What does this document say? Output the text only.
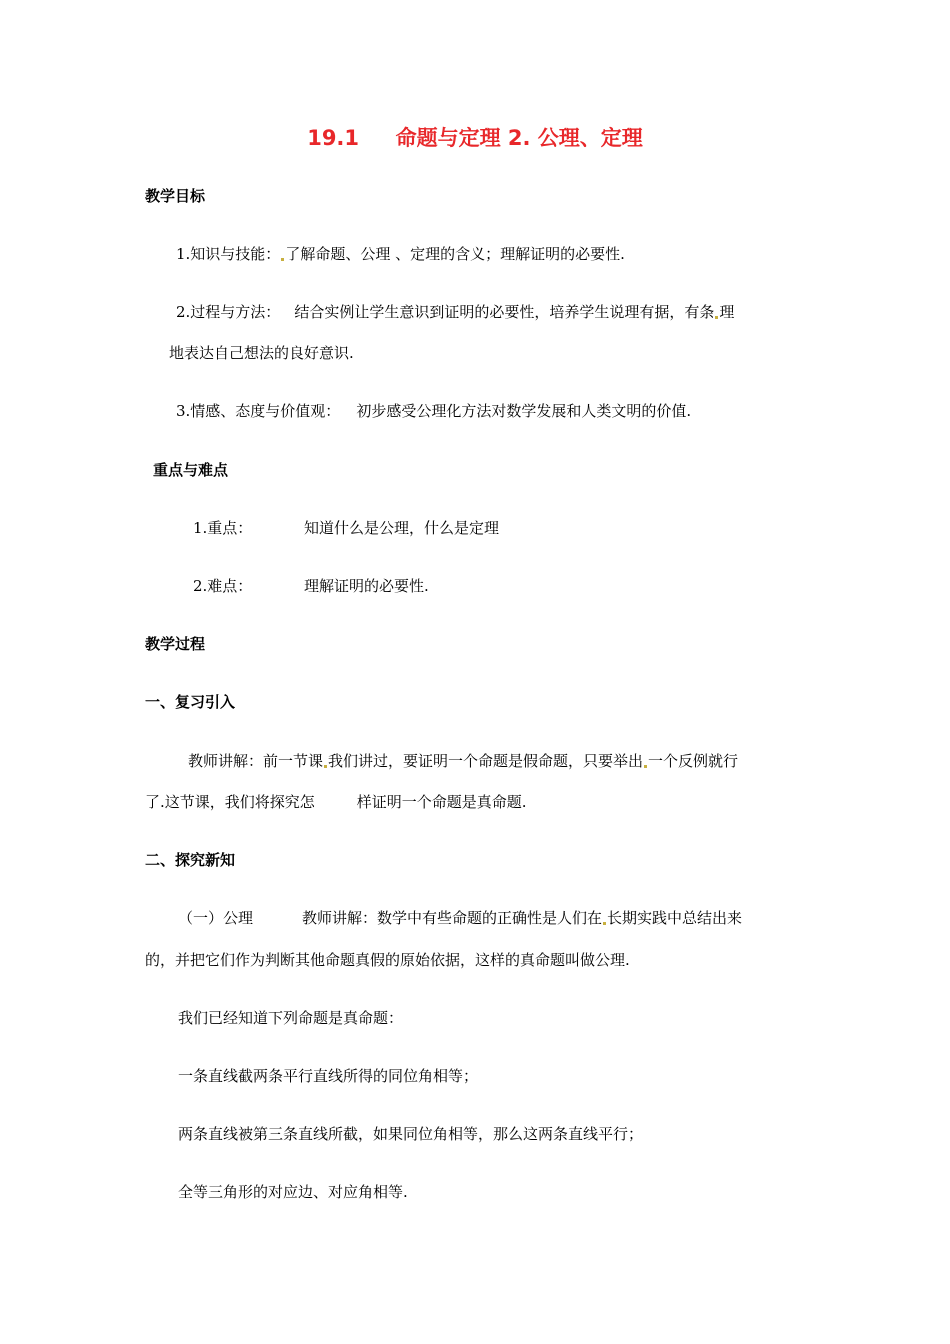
19.1     命题与定理 2. 公理、定理
教学目标
1.知识与技能： 了解命题、公理 、定理的含义；理解证明的必要性.
2.过程与方法： 结合实例让学生意识到证明的必要性，培养学生说理有据，有条 理
地表达自己想法的良好意识.
3.情感、态度与价值观： 初步感受公理化方法对数学发展和人类文明的价值.
重点与难点
1.重点：	知道什么是公理，什么是定理
2.难点：	理解证明的必要性.
教学过程
一、复习引入
教师讲解：前一节课 我们讲过，要证明一个命题是假命题，只要举出 一个反例就行
了.这节课，我们将探究怎	样证明一个命题是真命题.
二、探究新知
（一）公理	教师讲解：数学中有些命题的正确性是人们在 长期实践中总结出来
的，并把它们作为判断其他命题真假的原始依据，这样的真命题叫做公理.
我们已经知道下列命题是真命题：
一条直线截两条平行直线所得的同位角相等；
两条直线被第三条直线所截，如果同位角相等，那么这两条直线平行；
全等三角形的对应边、对应角相等.
